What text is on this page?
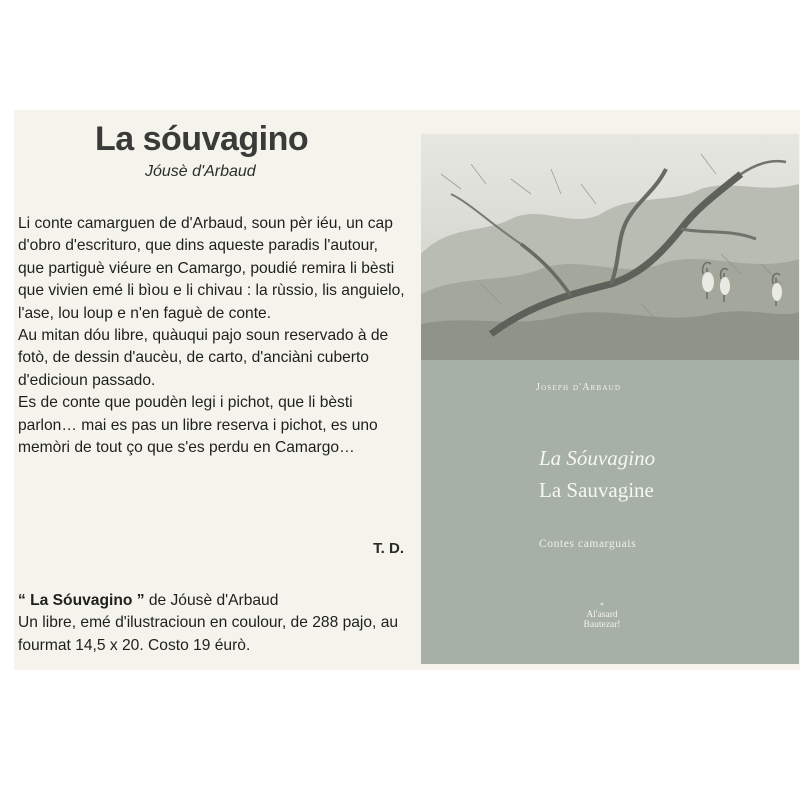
La sóuvagino
Jóusè d'Arbaud

Li conte camarguen de d'Arbaud, soun pèr iéu, un cap d'obro d'escrituro, que dins aqueste paradis l'autour, que partiguè viéure en Camargo, poudié remira li bèsti que vivien emé li bìou e li chivau : la rùssio, lis anguielo, l'ase, lou loup e n'en faguè de conte.

Au mitan dóu libre, quàuqui pajo soun reservado à de fotò, de dessin d'aucèu, de carto, d'anciàni cuberto d'edicioun passado.

Es de conte que poudèn legi i pichot, que li bèsti parlon… mai es pas un libre reserva i pichot, es uno memòri de tout ço que s'es perdu en Camargo…

T. D.

“ La Sóuvagino ” de Jóusè d'Arbaud

Un libre, emé d'ilustracioun en coulour, de 288 pajo, au fourmat 14,5 x 20. Costo 19 éurò.

Joseph d'Arbaud
La Sóuvagino
La Sauvagine
Contes camarguais
*
Al'asard
Bautezar!
